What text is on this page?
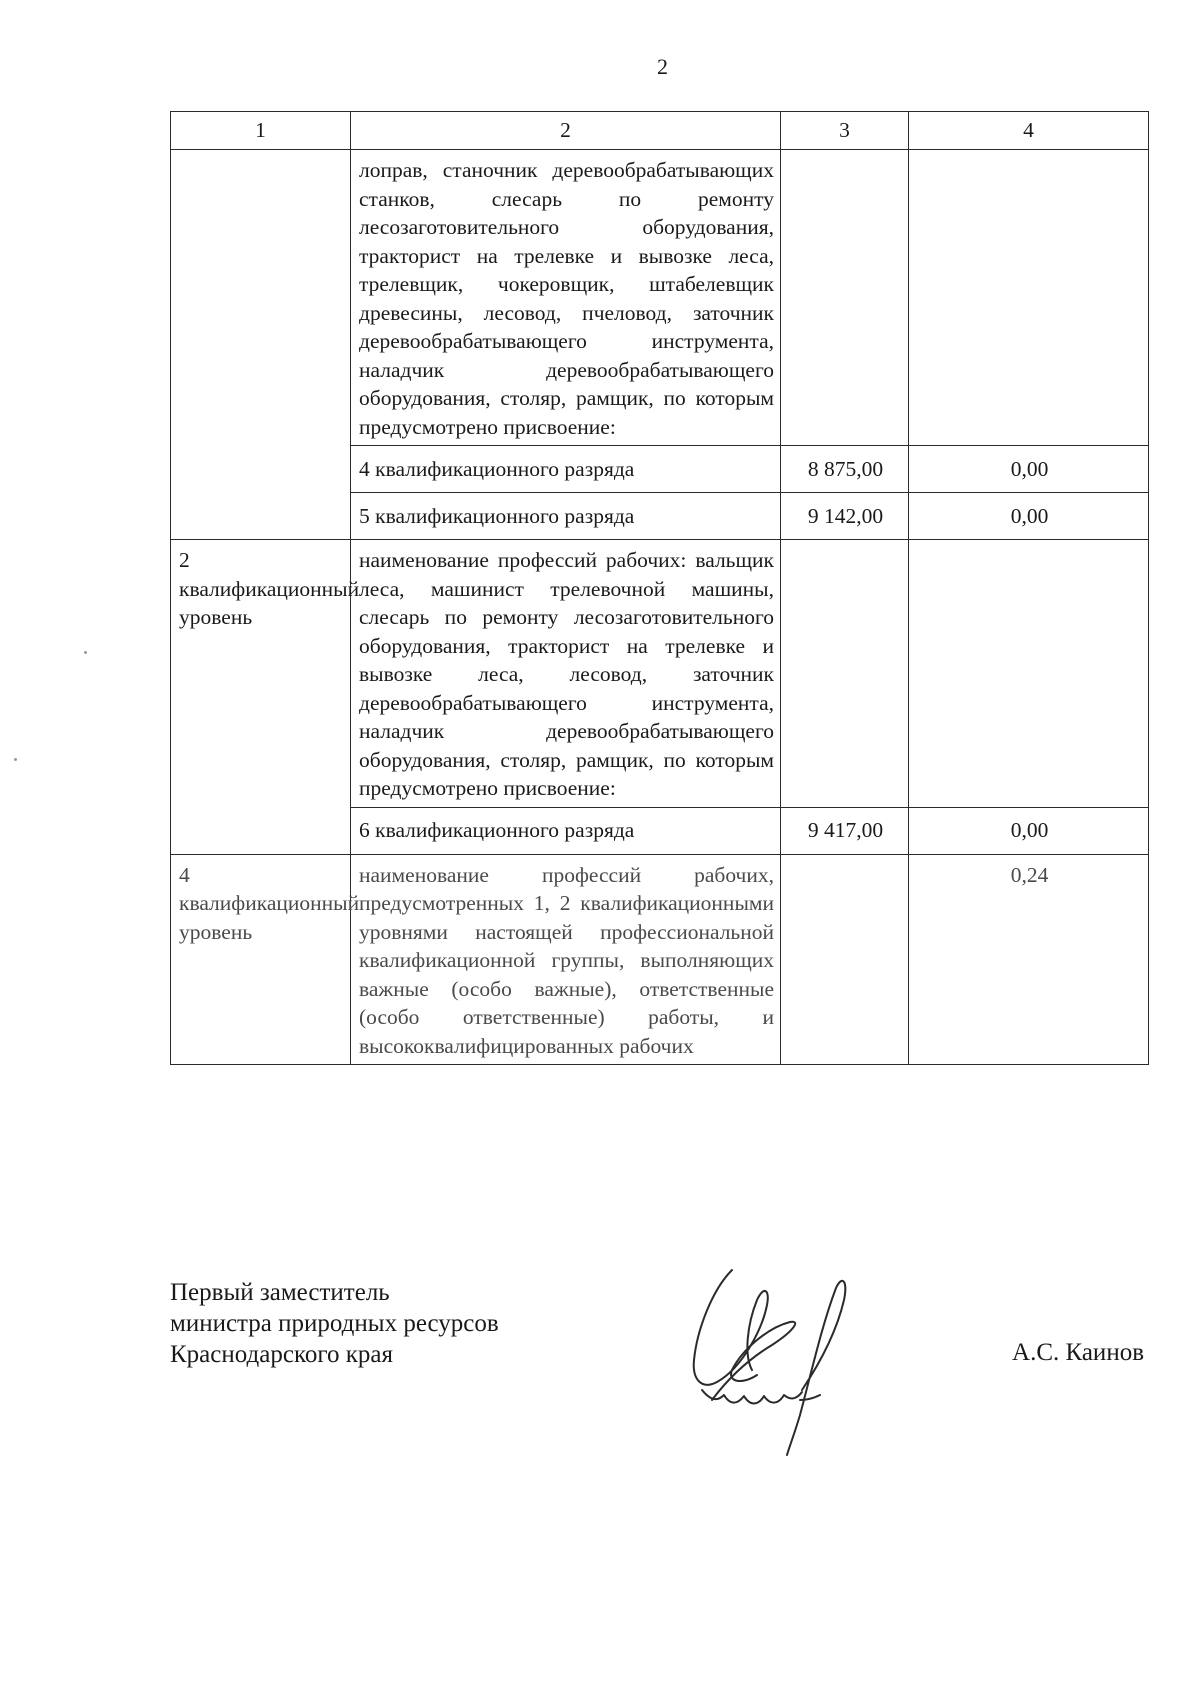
2
1	2	3	4
	лоправ, станочник деревообрабатывающих станков, слесарь по ремонту лесозаготовительного оборудования, тракторист на трелевке и вывозке леса, трелевщик, чокеровщик, штабелевщик древесины, лесовод, пчеловод, заточник деревообрабатывающего инструмента, наладчик деревообрабатывающего оборудования, столяр, рамщик, по которым предусмотрено присвоение:		
	4 квалификационного разряда	8 875,00	0,00
	5 квалификационного разряда	9 142,00	0,00
2 квалификационный уровень	наименование профессий рабочих: вальщик леса, машинист трелевочной машины, слесарь по ремонту лесозаготовительного оборудования, тракторист на трелевке и вывозке леса, лесовод, заточник деревообрабатывающего инструмента, наладчик деревообрабатывающего оборудования, столяр, рамщик, по которым предусмотрено присвоение:		
	6 квалификационного разряда	9 417,00	0,00
4 квалификационный уровень	наименование профессий рабочих, предусмотренных 1, 2 квалификационными уровнями настоящей профессиональной квалификационной группы, выполняющих важные (особо важные), ответственные (особо ответственные) работы, и высококвалифицированных рабочих		0,24
Первый заместитель
министра природных ресурсов
Краснодарского края	А.С. Каинов
